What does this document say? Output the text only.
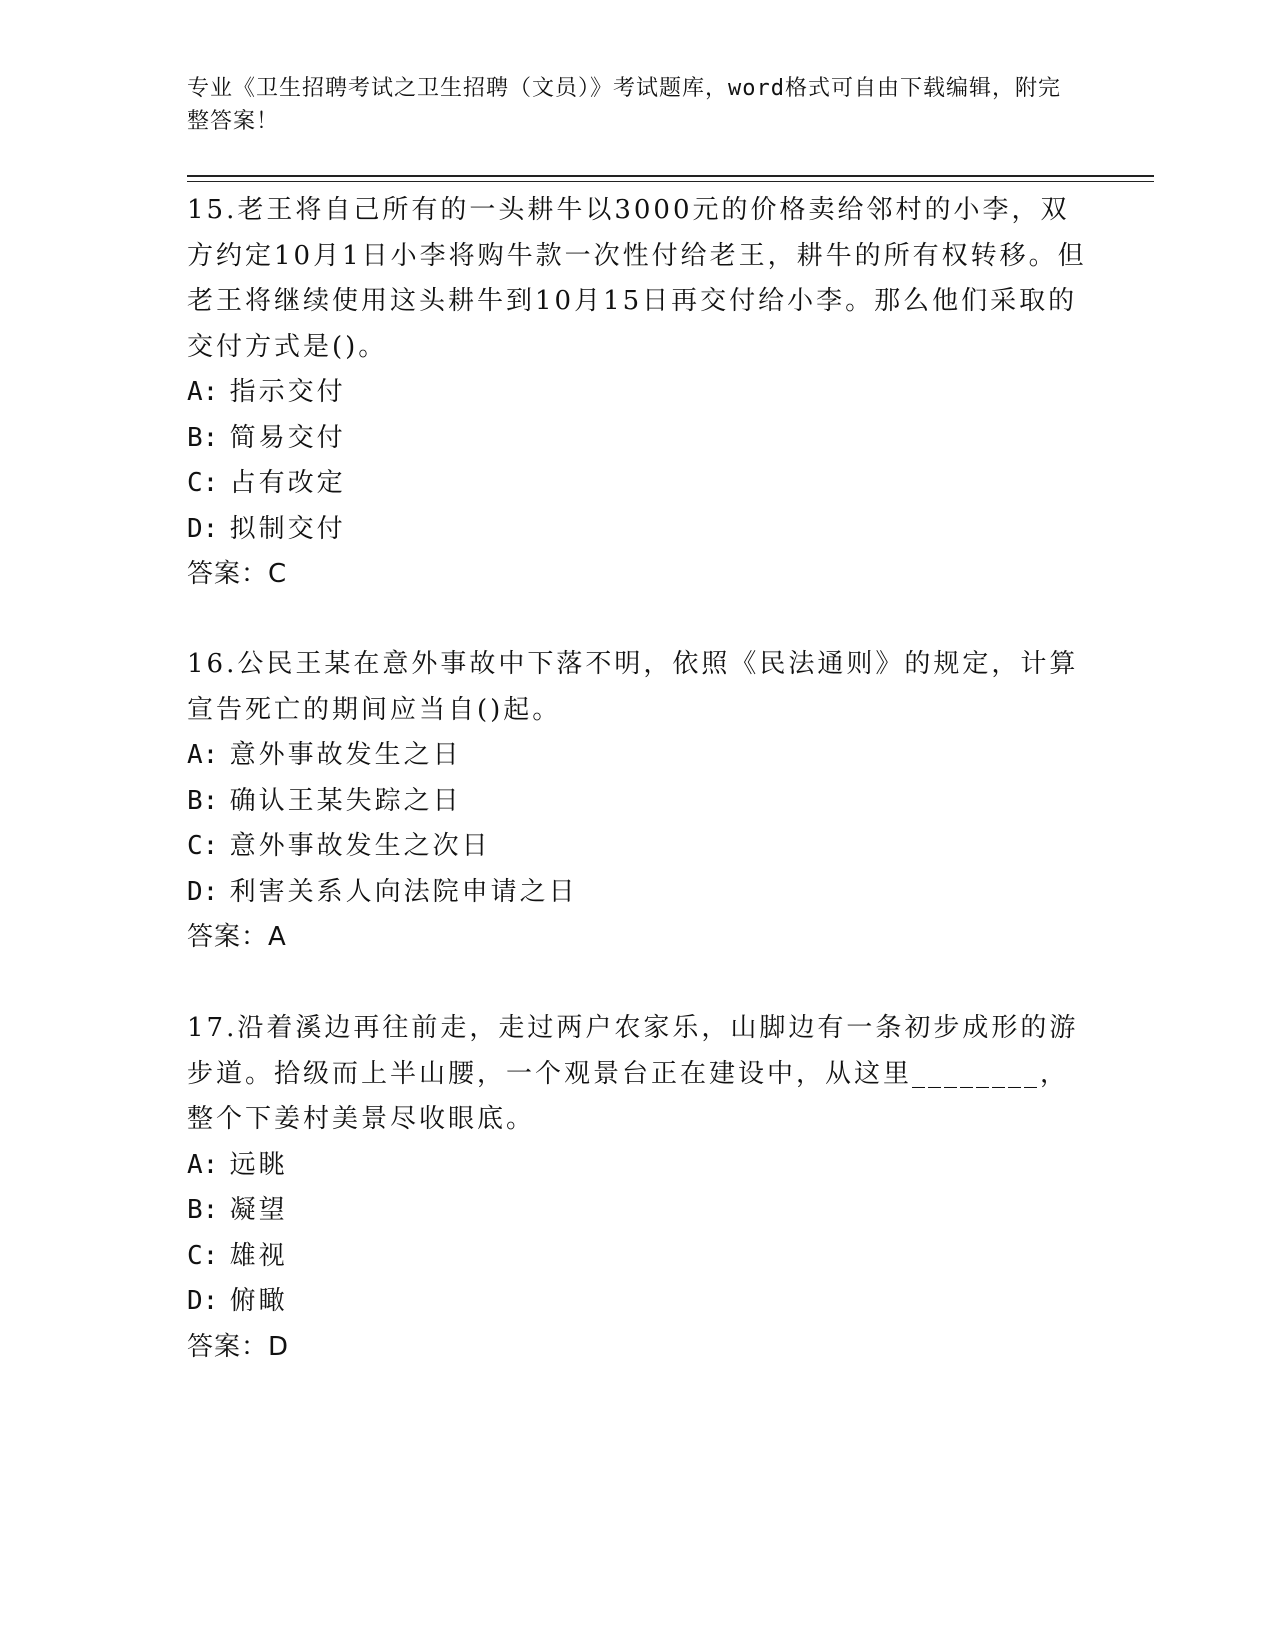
专业《卫生招聘考试之卫生招聘（文员）》考试题库，word格式可自由下载编辑，附完整答案！

15.老王将自己所有的一头耕牛以3000元的价格卖给邻村的小李，双方约定10月1日小李将购牛款一次性付给老王，耕牛的所有权转移。但老王将继续使用这头耕牛到10月15日再交付给小李。那么他们采取的交付方式是()。

A: 指示交付

B: 简易交付

C: 占有改定

D: 拟制交付

答案：C

16.公民王某在意外事故中下落不明，依照《民法通则》的规定，计算宣告死亡的期间应当自()起。

A: 意外事故发生之日

B: 确认王某失踪之日

C: 意外事故发生之次日

D: 利害关系人向法院申请之日

答案：A

17.沿着溪边再往前走，走过两户农家乐，山脚边有一条初步成形的游步道。拾级而上半山腰，一个观景台正在建设中，从这里________，整个下姜村美景尽收眼底。

A: 远眺

B: 凝望

C: 雄视

D: 俯瞰

答案：D
